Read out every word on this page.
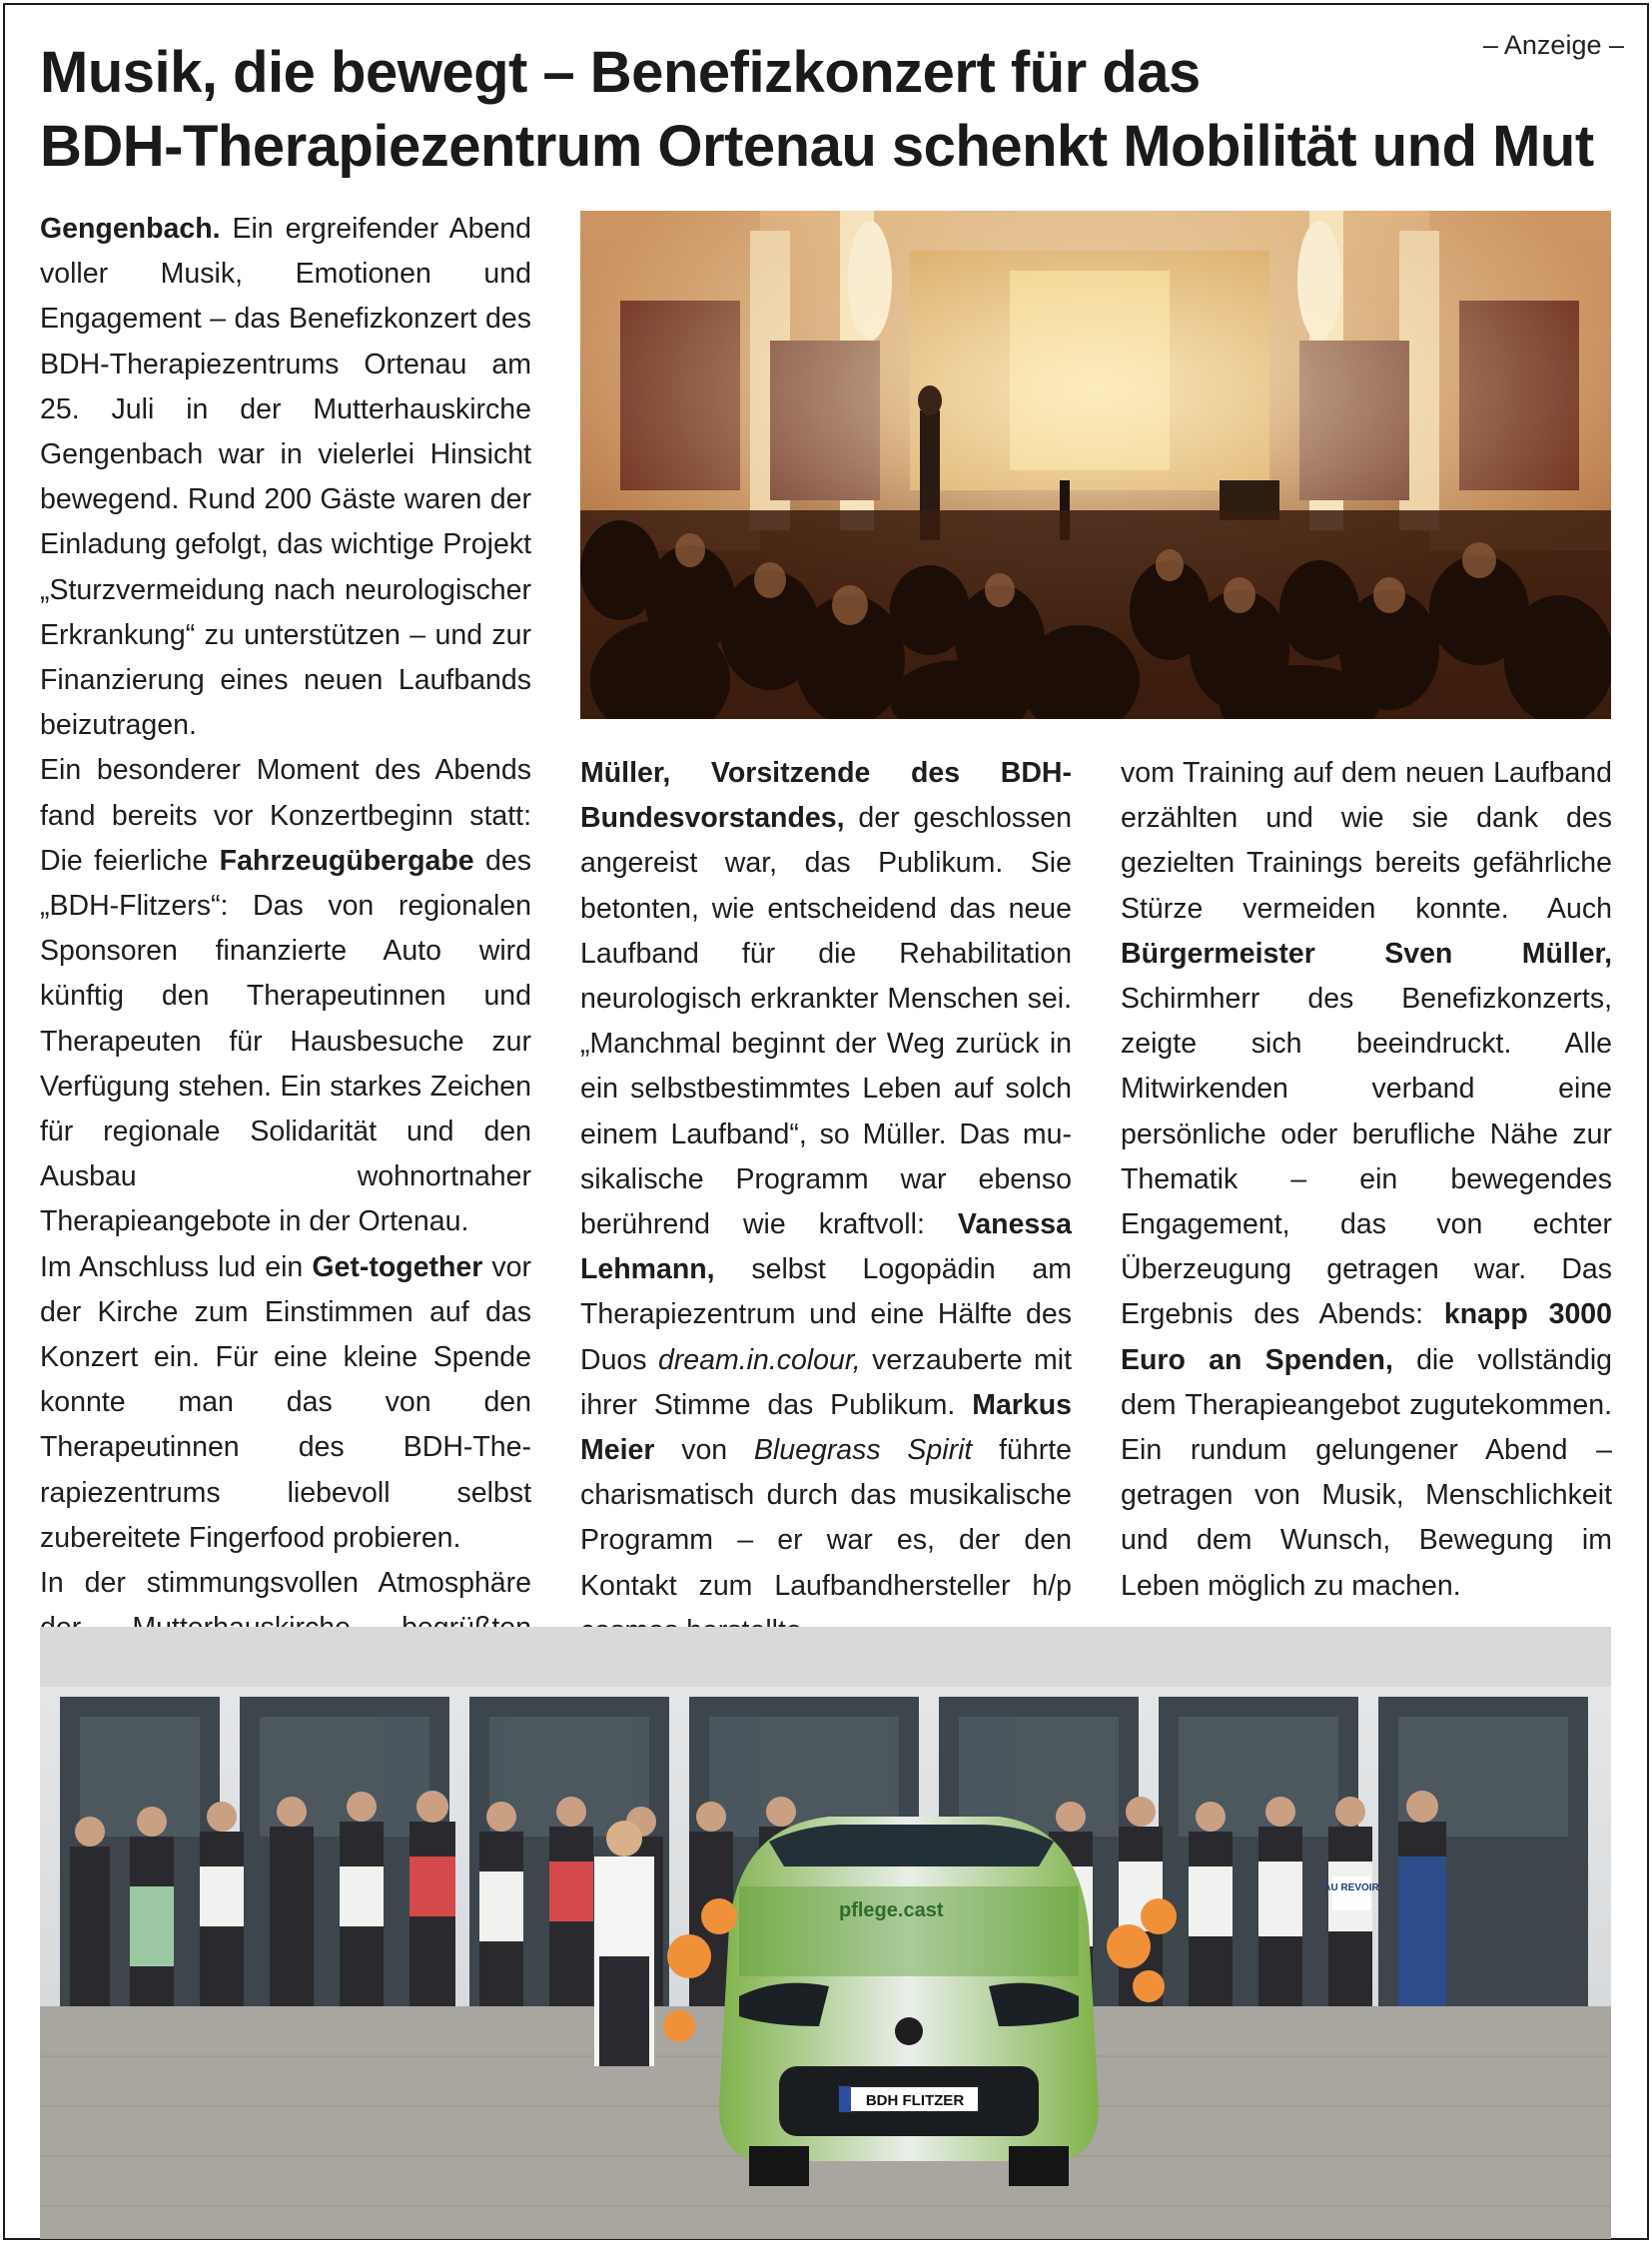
– Anzeige –
Musik, die bewegt – Benefizkonzert für das
BDH-Therapiezentrum Ortenau schenkt Mobilität und Mut

Gengenbach. Ein ergreifender Abend voller Musik, Emotionen und Engagement – das Benefizkonzert des BDH-Therapiezentrums Ortenau am 25. Juli in der Mutterhauskirche Gengenbach war in vielerlei Hinsicht bewegend. Rund 200 Gäste waren der Einladung gefolgt, das wichtige Projekt „Sturzvermeidung nach neurologischer Erkrankung“ zu unterstützen – und zur Finanzierung eines neuen Laufbands beizutragen.

Ein besonderer Moment des Abends fand bereits vor Konzertbeginn statt: Die feierliche Fahrzeugübergabe des „BDH-Flitzers“: Das von regionalen Sponsoren finanzierte Auto wird künftig den Therapeutinnen und Therapeuten für Hausbesuche zur Verfügung stehen. Ein starkes Zeichen für regionale Solidarität und den Ausbau wohnortnaher Therapieangebote in der Ortenau.

Im Anschluss lud ein Get-together vor der Kirche zum Einstimmen auf das Konzert ein. Für eine kleine Spende konnte man das von den Therapeutinnen des BDH-Therapiezentrums liebevoll selbst zubereitete Fingerfood probieren.

In der stimmungsvollen Atmosphäre

Müller, Vorsitzende des BDH-Bundesvorstandes, der geschlossen angereist war, das Publikum. Sie betonten, wie entscheidend das neue Laufband für die Rehabilitation neurologisch erkrankter Menschen sei. „Manchmal beginnt der Weg zurück in ein selbstbestimmtes Leben auf solch einem Laufband“, so Müller. Das musikalische Programm war ebenso berührend wie kraftvoll: Vanessa Lehmann, selbst Logopädin am Therapiezentrum und eine Hälfte des Duos dream.in.colour, verzauberte mit ihrer Stimme das Publikum. Markus Meier von Bluegrass Spirit führte charismatisch durch das musikalische Programm – er war es, der den Kontakt zum Laufbandhersteller h/p

vom Training auf dem neuen Laufband erzählten und wie sie dank des gezielten Trainings bereits gefährliche Stürze vermeiden konnte. Auch Bürgermeister Sven Müller, Schirmherr des Benefizkonzerts, zeigte sich beeindruckt. Alle Mitwirkenden verband eine persönliche oder berufliche Nähe zur Thematik – ein bewegendes Engagement, das von echter Überzeugung getragen war. Das Ergebnis des Abends: knapp 3000 Euro an Spenden, die vollständig dem Therapieangebot zugutekommen. Ein rundum gelungener Abend – getragen von Musik, Menschlichkeit und dem Wunsch, Bewegung im Leben möglich zu machen.

AU REVOIR
pflege.cast
BDH FLITZER
